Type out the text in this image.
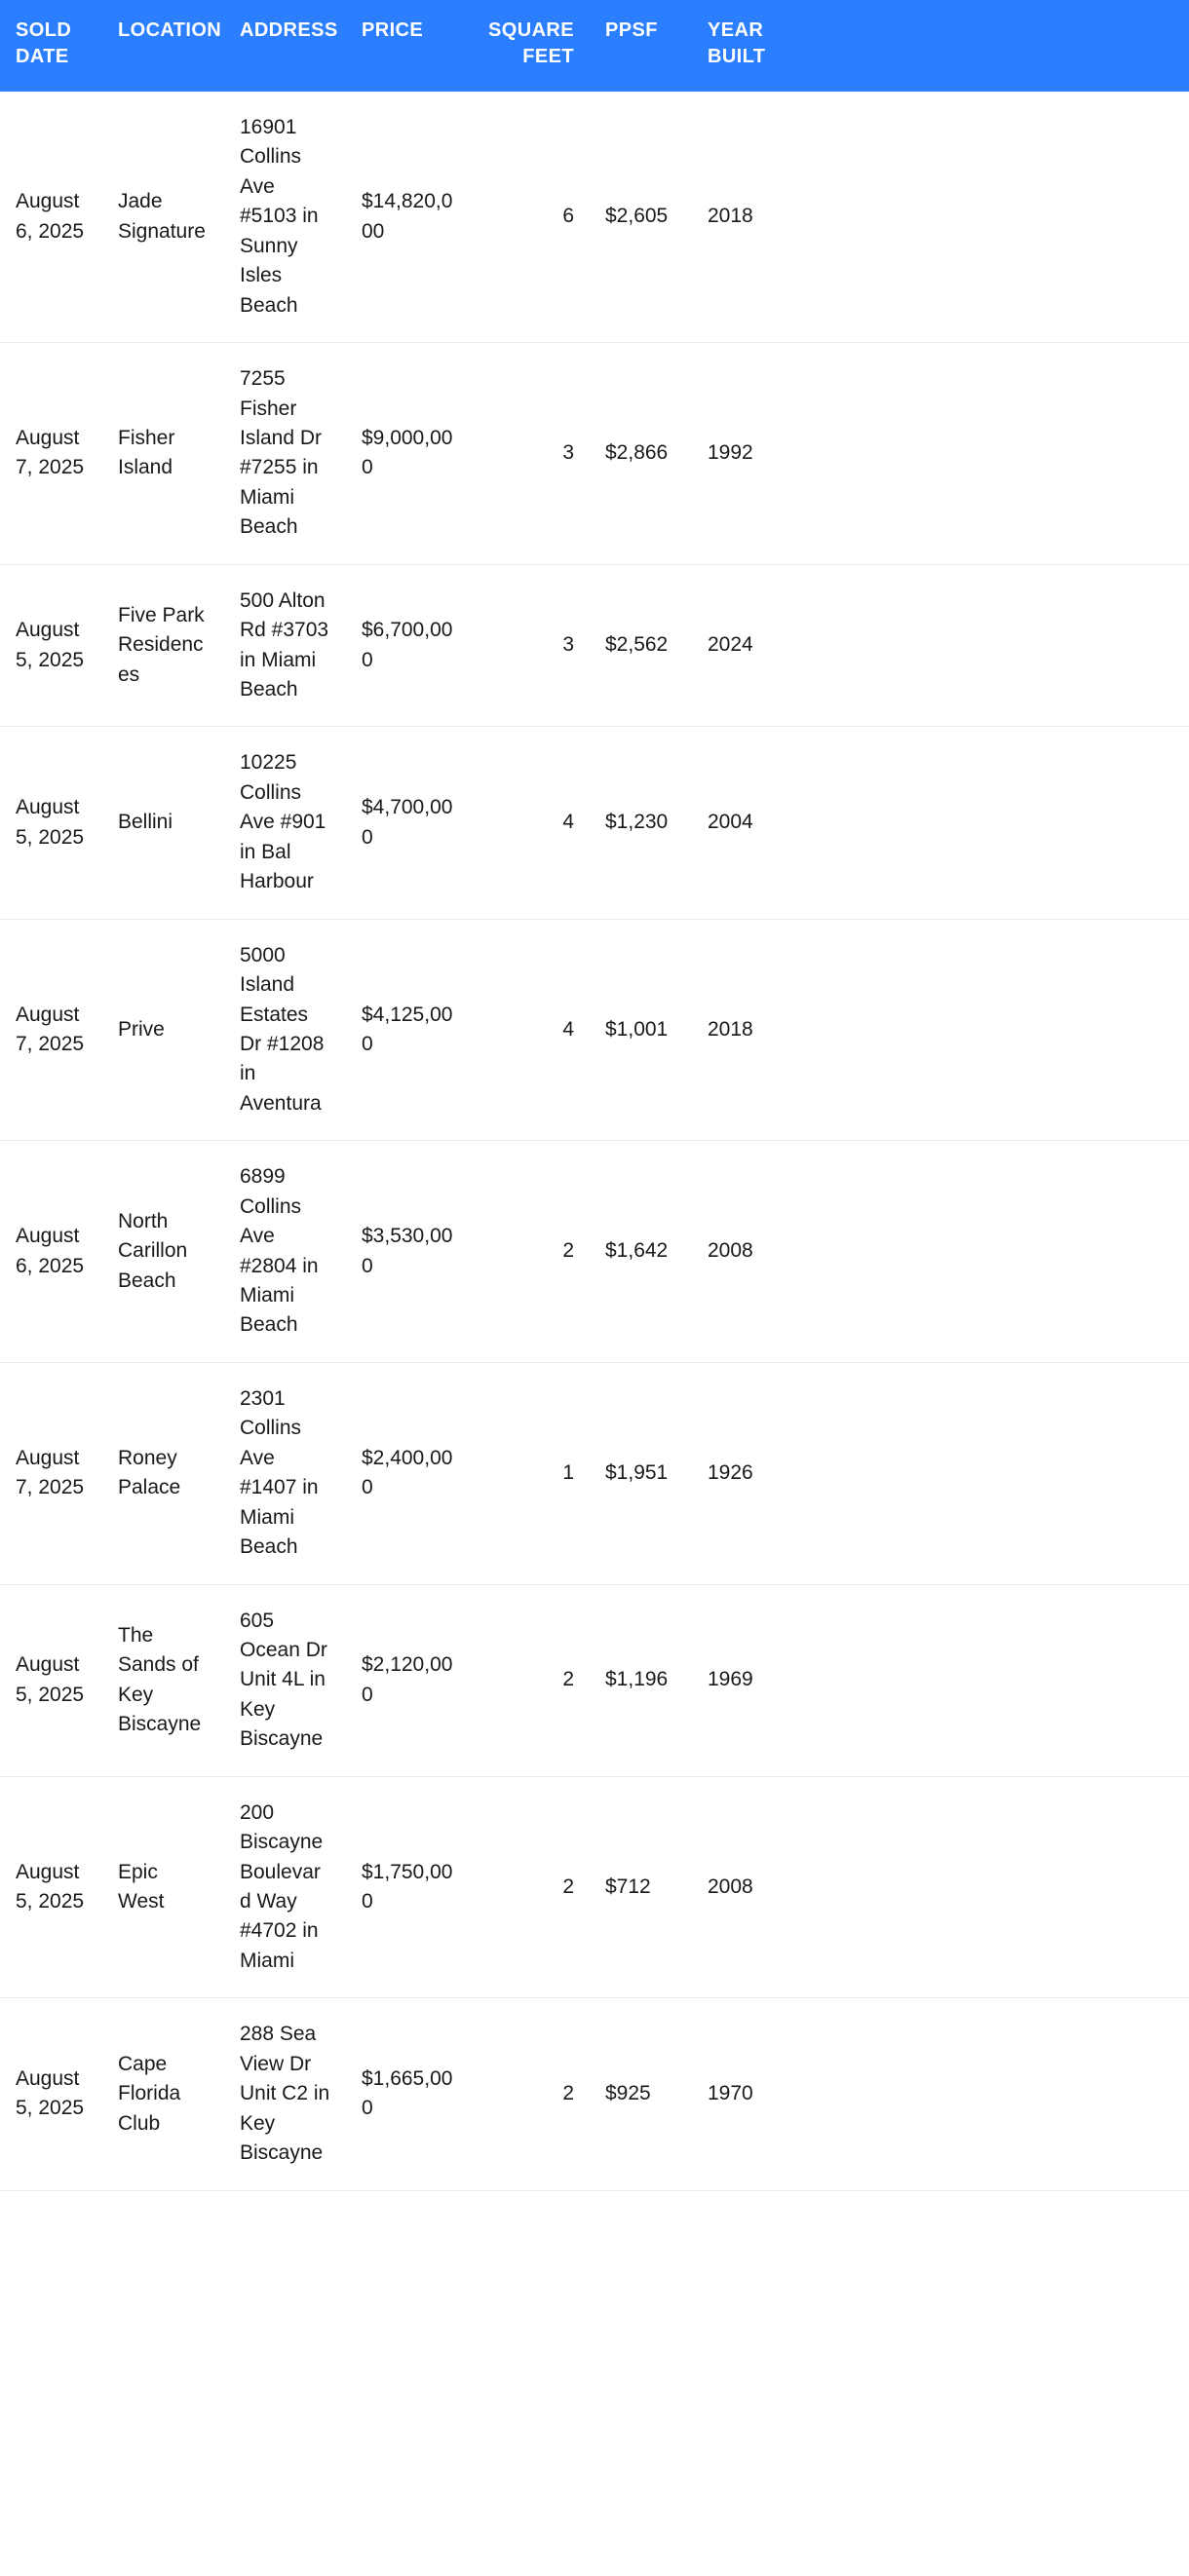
SOLD DATE	LOCATION	ADDRESS	PRICE	SQUARE FEET	PPSF	YEAR BUILT	
August 6, 2025	Jade Signature	16901 Collins Ave #5103 in Sunny Isles Beach	$14,820,000	6	$2,605	2018	
August 7, 2025	Fisher Island	7255 Fisher Island Dr #7255 in Miami Beach	$9,000,000	3	$2,866	1992	
August 5, 2025	Five Park Residences	500 Alton Rd #3703 in Miami Beach	$6,700,000	3	$2,562	2024	
August 5, 2025	Bellini	10225 Collins Ave #901 in Bal Harbour	$4,700,000	4	$1,230	2004	
August 7, 2025	Prive	5000 Island Estates Dr #1208 in Aventura	$4,125,000	4	$1,001	2018	
August 6, 2025	North Carillon Beach	6899 Collins Ave #2804 in Miami Beach	$3,530,000	2	$1,642	2008	
August 7, 2025	Roney Palace	2301 Collins Ave #1407 in Miami Beach	$2,400,000	1	$1,951	1926	
August 5, 2025	The Sands of Key Biscayne	605 Ocean Dr Unit 4L in Key Biscayne	$2,120,000	2	$1,196	1969	
August 5, 2025	Epic West	200 Biscayne Boulevard Way #4702 in Miami	$1,750,000	2	$712	2008	
August 5, 2025	Cape Florida Club	288 Sea View Dr Unit C2 in Key Biscayne	$1,665,000	2	$925	1970	
